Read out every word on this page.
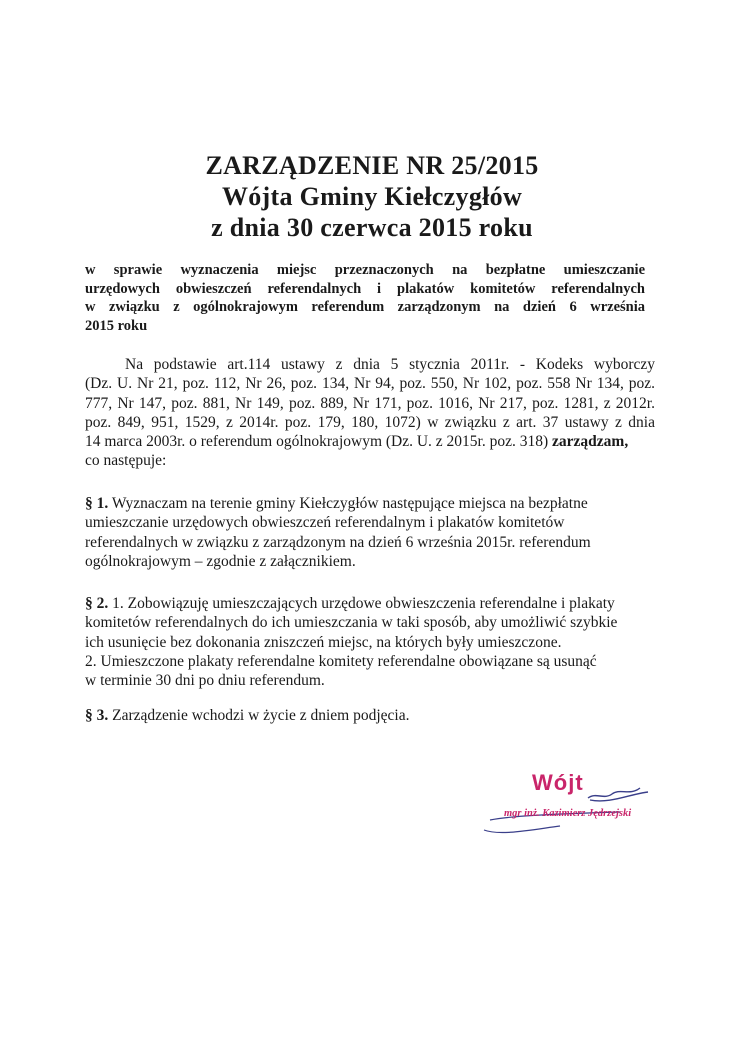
ZARZĄDZENIE NR 25/2015
Wójta Gminy Kiełczygłów
z dnia 30 czerwca 2015 roku
w sprawie wyznaczenia miejsc przeznaczonych na bezpłatne umieszczanie
urzędowych obwieszczeń referendalnych i plakatów komitetów referendalnych
w związku z ogólnokrajowym referendum zarządzonym na dzień 6 września
2015 roku
Na podstawie art.114 ustawy z dnia 5 stycznia 2011r. - Kodeks wyborczy
(Dz. U. Nr 21, poz. 112, Nr 26, poz. 134, Nr 94, poz. 550, Nr 102, poz. 558 Nr 134, poz.
777, Nr 147, poz. 881, Nr 149, poz. 889, Nr 171, poz. 1016, Nr 217, poz. 1281, z 2012r.
poz. 849, 951, 1529, z 2014r. poz. 179, 180, 1072) w związku z art. 37 ustawy z dnia
14 marca 2003r. o referendum ogólnokrajowym (Dz. U. z 2015r. poz. 318) zarządzam,
co następuje:
§ 1. Wyznaczam na terenie gminy Kiełczygłów następujące miejsca na bezpłatne
umieszczanie urzędowych obwieszczeń referendalnym i plakatów komitetów
referendalnych w związku z zarządzonym na dzień 6 września 2015r. referendum
ogólnokrajowym – zgodnie z załącznikiem.
§ 2. 1. Zobowiązuję umieszczających urzędowe obwieszczenia referendalne i plakaty
komitetów referendalnych do ich umieszczania w taki sposób, aby umożliwić szybkie
ich usunięcie bez dokonania zniszczeń miejsc, na których były umieszczone.
2. Umieszczone plakaty referendalne komitety referendalne obowiązane są usunąć
w terminie 30 dni po dniu referendum.
§ 3. Zarządzenie wchodzi w życie z dniem podjęcia.
Wójt
mgr inż. Kazimierz Jędrzejski
